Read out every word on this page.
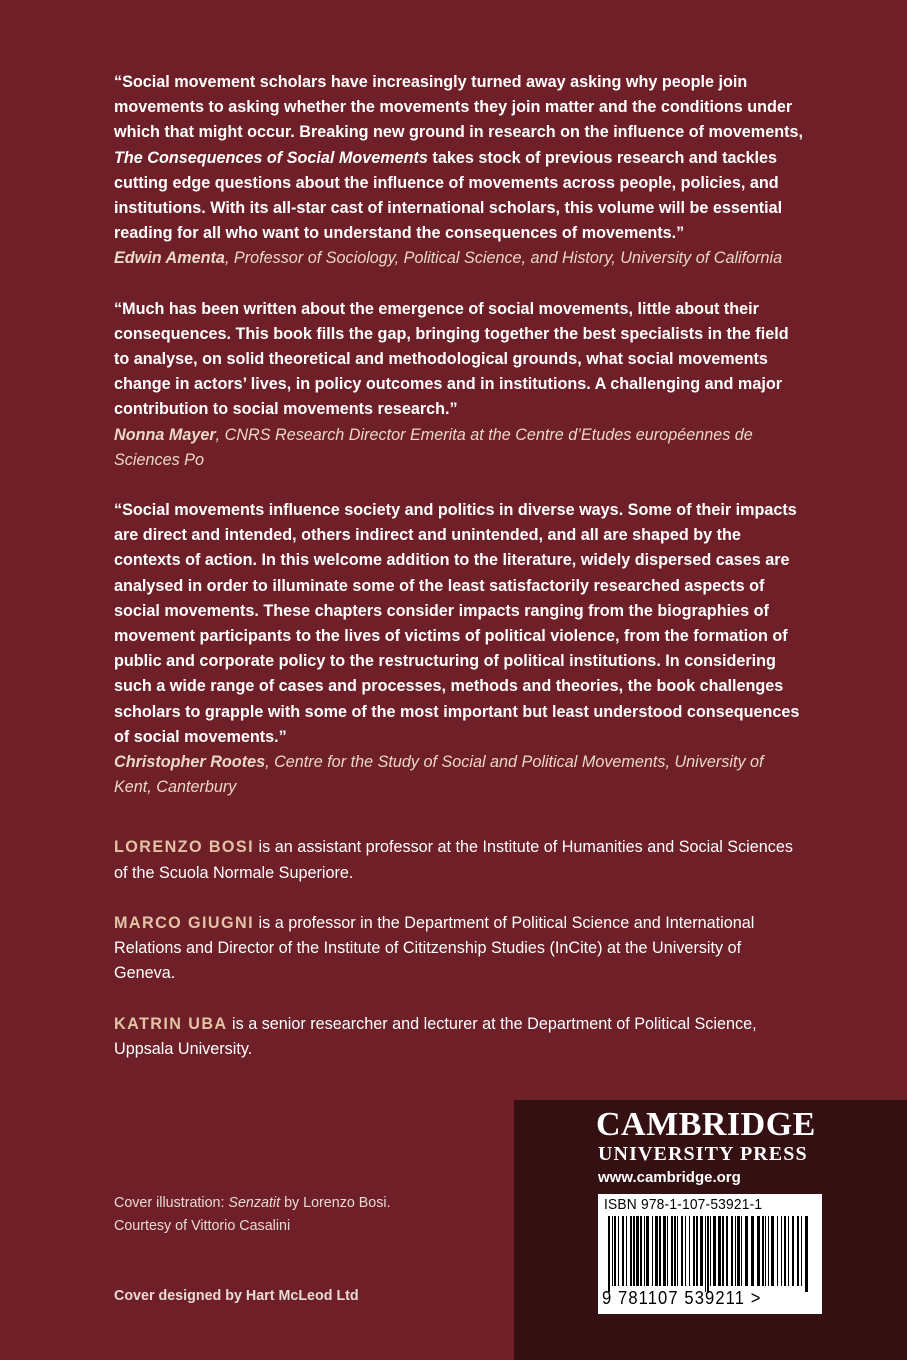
“Social movement scholars have increasingly turned away asking why people join movements to asking whether the movements they join matter and the conditions under which that might occur. Breaking new ground in research on the influence of movements, The Consequences of Social Movements takes stock of previous research and tackles cutting edge questions about the influence of movements across people, policies, and institutions. With its all-star cast of international scholars, this volume will be essential reading for all who want to understand the consequences of movements.”

Edwin Amenta, Professor of Sociology, Political Science, and History, University of California

“Much has been written about the emergence of social movements, little about their consequences. This book fills the gap, bringing together the best specialists in the field to analyse, on solid theoretical and methodological grounds, what social movements change in actors’ lives, in policy outcomes and in institutions. A challenging and major contribution to social movements research.”

Nonna Mayer, CNRS Research Director Emerita at the Centre d’Etudes européennes de Sciences Po

“Social movements influence society and politics in diverse ways. Some of their impacts are direct and intended, others indirect and unintended, and all are shaped by the contexts of action. In this welcome addition to the literature, widely dispersed cases are analysed in order to illuminate some of the least satisfactorily researched aspects of social movements. These chapters consider impacts ranging from the biographies of movement participants to the lives of victims of political violence, from the formation of public and corporate policy to the restructuring of political institutions. In considering such a wide range of cases and processes, methods and theories, the book challenges scholars to grapple with some of the most important but least understood consequences of social movements.”

Christopher Rootes, Centre for the Study of Social and Political Movements, University of Kent, Canterbury

LORENZO BOSI is an assistant professor at the Institute of Humanities and Social Sciences of the Scuola Normale Superiore.

MARCO GIUGNI is a professor in the Department of Political Science and International Relations and Director of the Institute of Cititzenship Studies (InCite) at the University of Geneva.

KATRIN UBA is a senior researcher and lecturer at the Department of Political Science, Uppsala University.

Cover illustration: Senzatit by Lorenzo Bosi.
Courtesy of Vittorio Casalini
Cover designed by Hart McLeod Ltd
CAMBRIDGE
UNIVERSITY PRESS
www.cambridge.org
ISBN 978-1-107-53921-1
9 781107 539211 >
